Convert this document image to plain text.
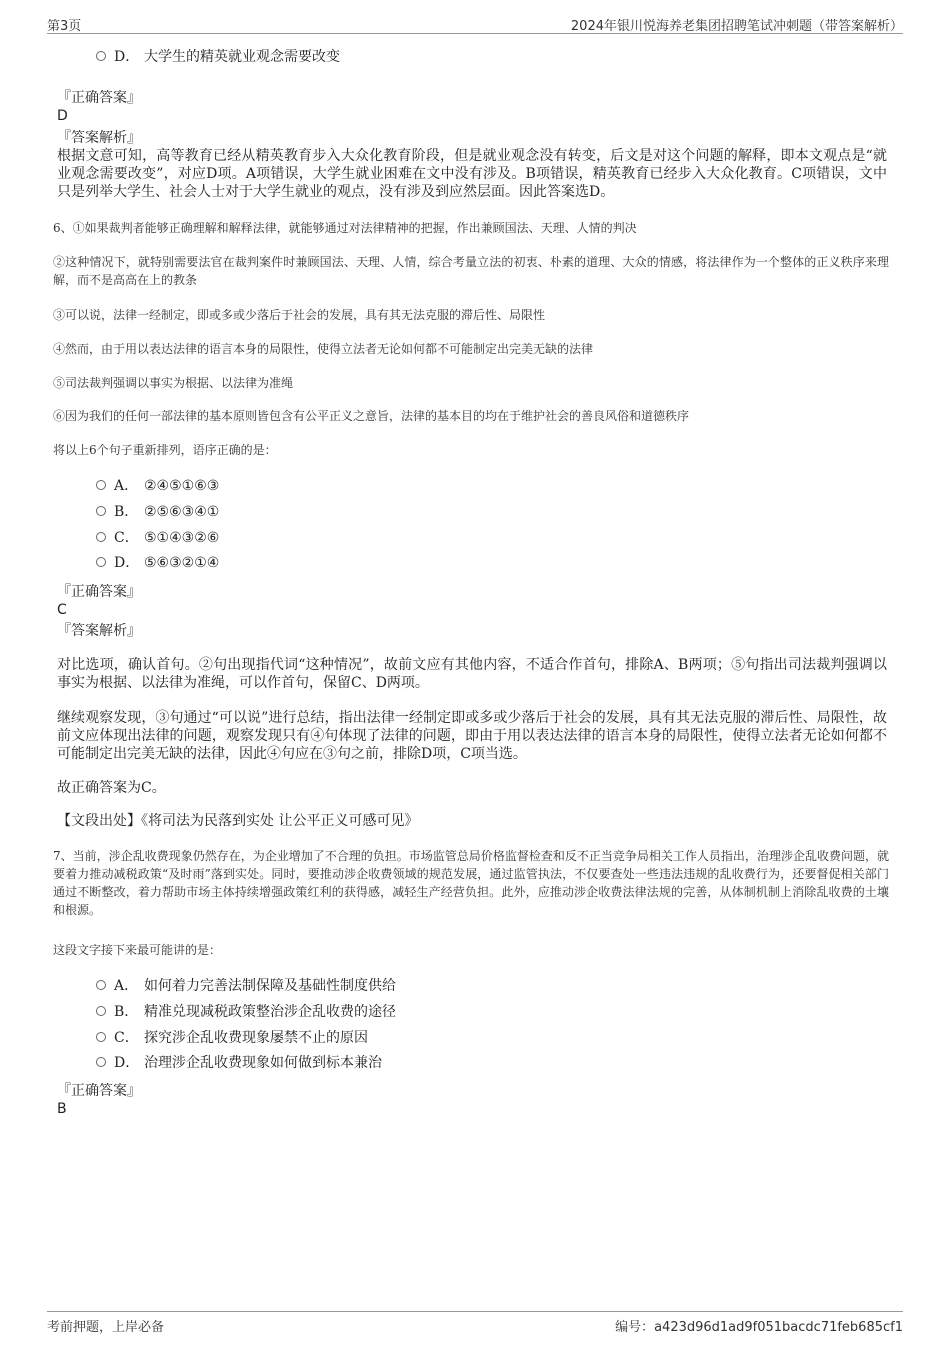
第3页	2024年银川悦海养老集团招聘笔试冲刺题（带答案解析）
D． 大学生的精英就业观念需要改变
『正确答案』
D
『答案解析』
根据文意可知，高等教育已经从精英教育步入大众化教育阶段，但是就业观念没有转变，后文是对这个问题的解释，即本文观点是“就业观念需要改变”，对应D项。A项错误，大学生就业困难在文中没有涉及。B项错误，精英教育已经步入大众化教育。C项错误，文中只是列举大学生、社会人士对于大学生就业的观点，没有涉及到应然层面。因此答案选D。
6、①如果裁判者能够正确理解和解释法律，就能够通过对法律精神的把握，作出兼顾国法、天理、人情的判决
②这种情况下，就特别需要法官在裁判案件时兼顾国法、天理、人情，综合考量立法的初衷、朴素的道理、大众的情感，将法律作为一个整体的正义秩序来理解，而不是高高在上的教条
③可以说，法律一经制定，即或多或少落后于社会的发展，具有其无法克服的滞后性、局限性
④然而，由于用以表达法律的语言本身的局限性，使得立法者无论如何都不可能制定出完美无缺的法律
⑤司法裁判强调以事实为根据、以法律为准绳
⑥因为我们的任何一部法律的基本原则皆包含有公平正义之意旨，法律的基本目的均在于维护社会的善良风俗和道德秩序
将以上6个句子重新排列，语序正确的是：
A． ②④⑤①⑥③
B． ②⑤⑥③④①
C． ⑤①④③②⑥
D． ⑤⑥③②①④
『正确答案』
C
『答案解析』
对比选项，确认首句。②句出现指代词“这种情况”，故前文应有其他内容，不适合作首句，排除A、B两项；⑤句指出司法裁判强调以事实为根据、以法律为准绳，可以作首句，保留C、D两项。
继续观察发现，③句通过“可以说”进行总结，指出法律一经制定即或多或少落后于社会的发展，具有其无法克服的滞后性、局限性，故前文应体现出法律的问题，观察发现只有④句体现了法律的问题，即由于用以表达法律的语言本身的局限性，使得立法者无论如何都不可能制定出完美无缺的法律，因此④句应在③句之前，排除D项，C项当选。
故正确答案为C。
【文段出处】《将司法为民落到实处 让公平正义可感可见》
7、当前，涉企乱收费现象仍然存在，为企业增加了不合理的负担。市场监管总局价格监督检查和反不正当竞争局相关工作人员指出，治理涉企乱收费问题，就要着力推动减税政策“及时雨”落到实处。同时，要推动涉企收费领域的规范发展，通过监管执法，不仅要查处一些违法违规的乱收费行为，还要督促相关部门通过不断整改，着力帮助市场主体持续增强政策红利的获得感，减轻生产经营负担。此外，应推动涉企收费法律法规的完善，从体制机制上消除乱收费的土壤和根源。
这段文字接下来最可能讲的是：
A． 如何着力完善法制保障及基础性制度供给
B． 精准兑现减税政策整治涉企乱收费的途径
C． 探究涉企乱收费现象屡禁不止的原因
D． 治理涉企乱收费现象如何做到标本兼治
『正确答案』
B
考前押题，上岸必备	编号：a423d96d1ad9f051bacdc71feb685cf1
